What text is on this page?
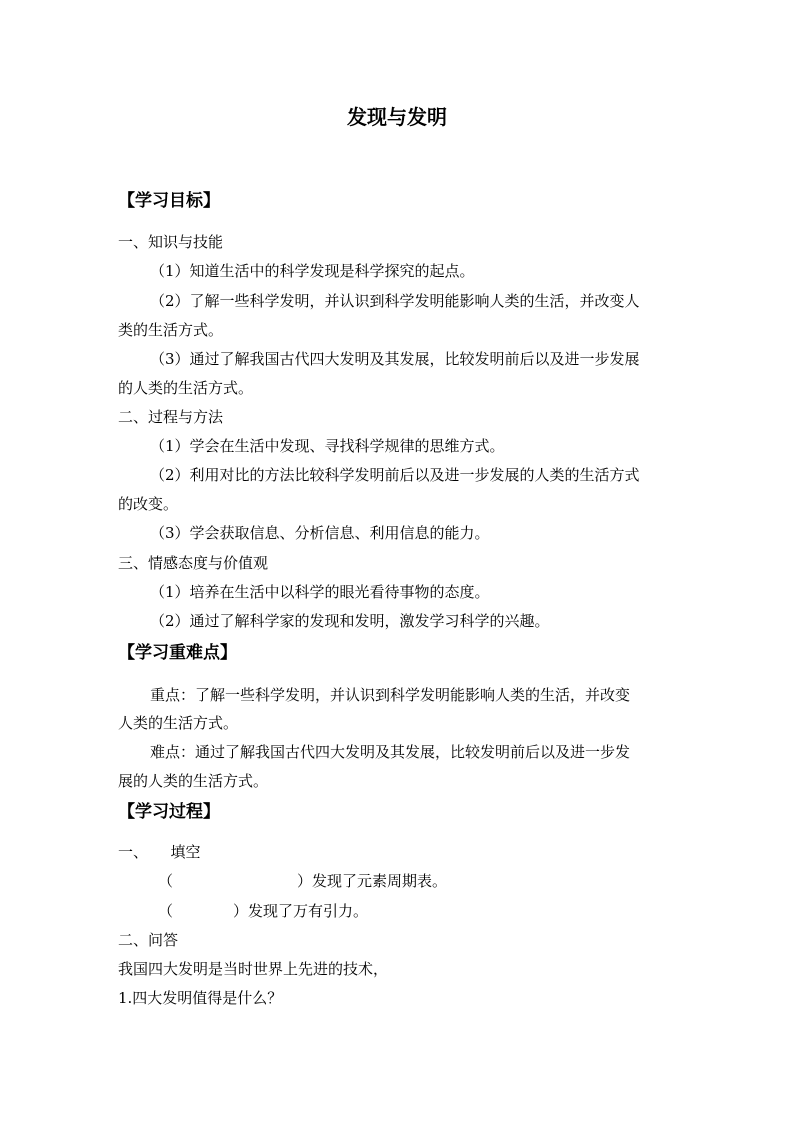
发现与发明
【学习目标】
一、知识与技能
（1）知道生活中的科学发现是科学探究的起点。
（2）了解一些科学发明，并认识到科学发明能影响人类的生活，并改变人
类的生活方式。
（3）通过了解我国古代四大发明及其发展，比较发明前后以及进一步发展
的人类的生活方式。
二、过程与方法
（1）学会在生活中发现、寻找科学规律的思维方式。
（2）利用对比的方法比较科学发明前后以及进一步发展的人类的生活方式
的改变。
（3）学会获取信息、分析信息、利用信息的能力。
三、情感态度与价值观
（1）培养在生活中以科学的眼光看待事物的态度。
（2）通过了解科学家的发现和发明，激发学习科学的兴趣。
【学习重难点】
重点：了解一些科学发明，并认识到科学发明能影响人类的生活，并改变
人类的生活方式。
难点：通过了解我国古代四大发明及其发展，比较发明前后以及进一步发
展的人类的生活方式。
【学习过程】
一、　　填空
（	）发现了元素周期表。
（	）发现了万有引力。
二、问答
我国四大发明是当时世界上先进的技术，
1.四大发明值得是什么？
